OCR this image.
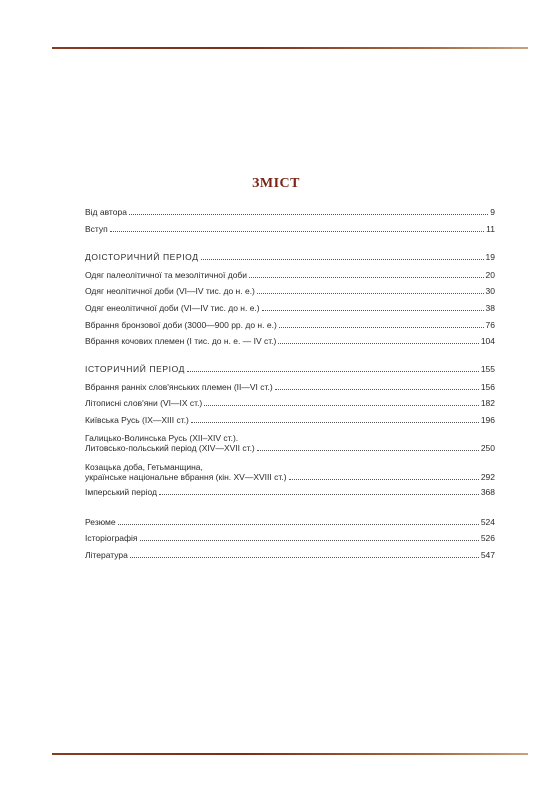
ЗМІСТ
Від автора	9
Вступ	11
ДОІСТОРИЧНИЙ ПЕРІОД	19
Одяг палеолітичної та мезолітичної доби	20
Одяг неолітичної доби (VI—IV тис. до н. е.)	30
Одяг енеолітичної доби (VI—IV тис. до н. е.)	38
Вбрання бронзової доби (3000—900 рр. до н. е.)	76
Вбрання кочових племен (І тис. до н. е. — IV ст.)	104
ІСТОРИЧНИЙ ПЕРІОД	155
Вбрання ранніх слов'янських племен (II—VI ст.)	156
Літописні слов'яни (VI—IX ст.)	182
Київська Русь (IX—XIII ст.)	196
Галицько-Волинська Русь (XII–XIV ст.).
Литовсько-польський період (XIV—XVII ст.)	250
Козацька доба, Гетьманщина,
українське національне вбрання (кін. XV—XVIII ст.)	292
Імперський період	368
Резюме	524
Історіографія	526
Література	547
